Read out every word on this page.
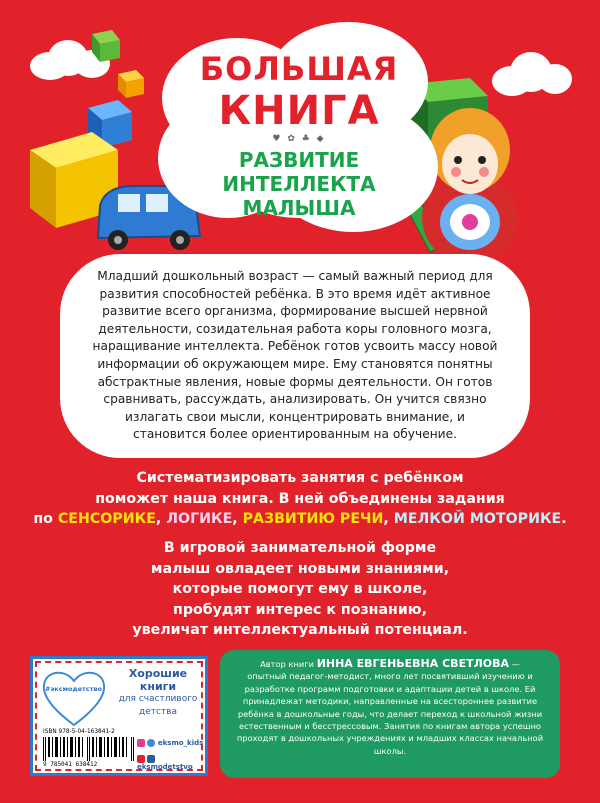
БОЛЬШАЯ
КНИГА
♥ ✿ ♣ ◆
РАЗВИТИЕ
ИНТЕЛЛЕКТА
МАЛЫША
Младший дошкольный возраст — самый важный период для развития способностей ребёнка. В это время идёт активное развитие всего организма, формирование высшей нервной деятельности, созидательная работа коры головного мозга, наращивание интеллекта. Ребёнок готов усвоить массу новой информации об окружающем мире. Ему становятся понятны абстрактные явления, новые формы деятельности. Он готов сравнивать, рассуждать, анализировать. Он учится связно излагать свои мысли, концентрировать внимание, и становится более ориентированным на обучение.
Систематизировать занятия с ребёнком
поможет наша книга. В ней объединены задания
по СЕНСОРИКЕ, ЛОГИКЕ, РАЗВИТИЮ РЕЧИ, МЕЛКОЙ МОТОРИКЕ.
В игровой занимательной форме
малыш овладеет новыми знаниями,
которые помогут ему в школе,
пробудят интерес к познанию,
увеличат интеллектуальный потенциал.
#эксмодетство
Хорошие
книги
для счастливого
детства
ISBN 978-5-04-163841-2
9 785041 638412
eksmo_kids
eksmodetstvo
Автор книги ИННА ЕВГЕНЬЕВНА СВЕТЛОВА —
опытный педагог-методист, много лет посвятивший изучению и разработке программ подготовки и адаптации детей в школе. Ей принадлежат методики, направленные на всестороннее развитие ребёнка в дошкольные годы, что делает переход к школьной жизни естественным и бесстрессовым. Занятия по книгам автора успешно проходят в дошкольных учреждениях и младших классах начальной школы.
